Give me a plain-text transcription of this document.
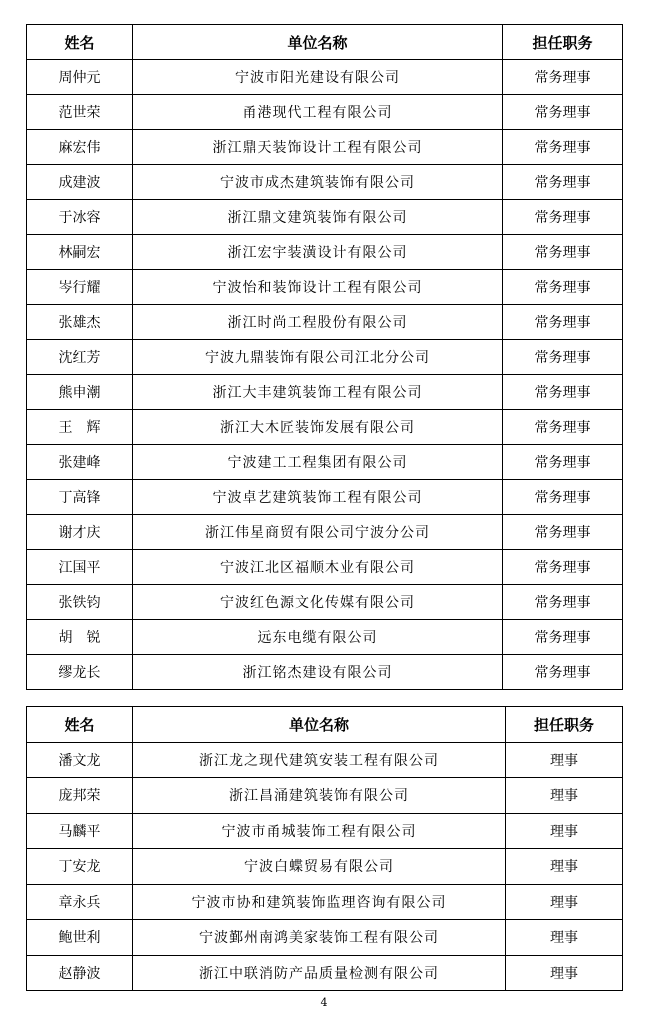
姓名	单位名称	担任职务
周仲元	宁波市阳光建设有限公司	常务理事
范世荣	甬港现代工程有限公司	常务理事
麻宏伟	浙江鼎天装饰设计工程有限公司	常务理事
成建波	宁波市成杰建筑装饰有限公司	常务理事
于冰容	浙江鼎文建筑装饰有限公司	常务理事
林嗣宏	浙江宏宇装潢设计有限公司	常务理事
岑行耀	宁波怡和装饰设计工程有限公司	常务理事
张雄杰	浙江时尚工程股份有限公司	常务理事
沈红芳	宁波九鼎装饰有限公司江北分公司	常务理事
熊申潮	浙江大丰建筑装饰工程有限公司	常务理事
王　辉	浙江大木匠装饰发展有限公司	常务理事
张建峰	宁波建工工程集团有限公司	常务理事
丁高锋	宁波卓艺建筑装饰工程有限公司	常务理事
谢才庆	浙江伟星商贸有限公司宁波分公司	常务理事
江国平	宁波江北区福顺木业有限公司	常务理事
张铁钧	宁波红色源文化传媒有限公司	常务理事
胡　锐	远东电缆有限公司	常务理事
缪龙长	浙江铭杰建设有限公司	常务理事
姓名	单位名称	担任职务
潘文龙	浙江龙之现代建筑安装工程有限公司	理事
庞邦荣	浙江昌涌建筑装饰有限公司	理事
马麟平	宁波市甬城装饰工程有限公司	理事
丁安龙	宁波白蝶贸易有限公司	理事
章永兵	宁波市协和建筑装饰监理咨询有限公司	理事
鲍世利	宁波鄞州南鸿美家装饰工程有限公司	理事
赵静波	浙江中联消防产品质量检测有限公司	理事
4
